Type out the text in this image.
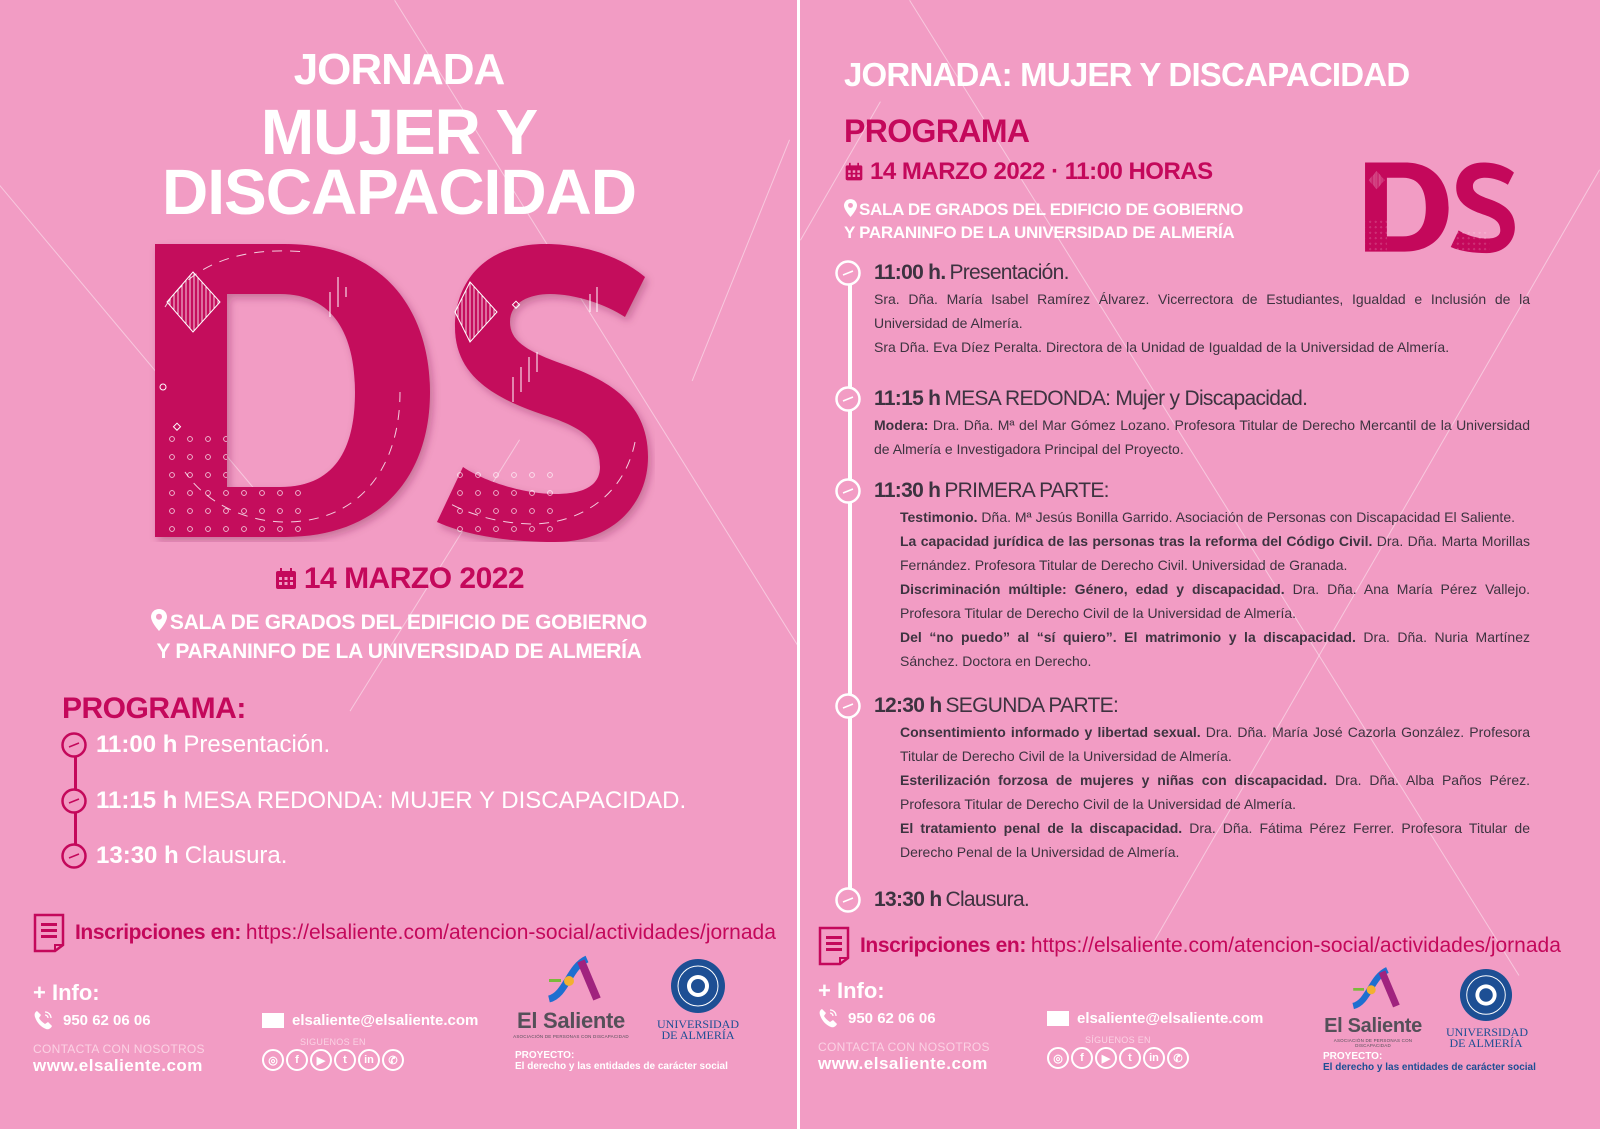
JORNADA
MUJER Y
DISCAPACIDAD
14 MARZO 2022
SALA DE GRADOS DEL EDIFICIO DE GOBIERNO
Y PARANINFO DE LA UNIVERSIDAD DE ALMERÍA
PROGRAMA:
11:00 h Presentación.
11:15 h MESA REDONDA: MUJER Y DISCAPACIDAD.
13:30 h Clausura.
Inscripciones en: https://elsaliente.com/atencion-social/actividades/jornada
+ Info:
950 62 06 06
CONTACTA CON NOSOTROS
www.elsaliente.com
elsaliente@elsaliente.com
SIGUENOS EN
◎	f	▶	t	in	✆
El Saliente
ASOCIACIÓN DE PERSONAS CON DISCAPACIDAD
UNIVERSIDAD
DE ALMERÍA
PROYECTO:
El derecho y las entidades de carácter social
JORNADA: MUJER Y DISCAPACIDAD
PROGRAMA
14 MARZO 2022 · 11:00 HORAS
SALA DE GRADOS DEL EDIFICIO DE GOBIERNO
Y PARANINFO DE LA UNIVERSIDAD DE ALMERÍA
11:00 h. Presentación.

Sra. Dña. María Isabel Ramírez Álvarez. Vicerrectora de Estudiantes, Igualdad e Inclusión de la Universidad de Almería.

Sra Dña. Eva Díez Peralta. Directora de la Unidad de Igualdad de la Universidad de Almería.

11:15 h MESA REDONDA: Mujer y Discapacidad.

Modera: Dra. Dña. Mª del Mar Gómez Lozano. Profesora Titular de Derecho Mercantil de la Universidad de Almería e Investigadora Principal del Proyecto.

11:30 h PRIMERA PARTE:

Testimonio. Dña. Mª Jesús Bonilla Garrido. Asociación de Personas con Discapacidad El Saliente.

La capacidad jurídica de las personas tras la reforma del Código Civil. Dra. Dña. Marta Morillas Fernández. Profesora Titular de Derecho Civil. Universidad de Granada.

Discriminación múltiple: Género, edad y discapacidad. Dra. Dña. Ana María Pérez Vallejo. Profesora Titular de Derecho Civil de la Universidad de Almería.

Del “no puedo” al “sí quiero”. El matrimonio y la discapacidad. Dra. Dña. Nuria Martínez Sánchez. Doctora en Derecho.

12:30 h SEGUNDA PARTE:

Consentimiento informado y libertad sexual. Dra. Dña. María José Cazorla González. Profesora Titular de Derecho Civil de la Universidad de Almería.

Esterilización forzosa de mujeres y niñas con discapacidad. Dra. Dña. Alba Paños Pérez. Profesora Titular de Derecho Civil de la Universidad de Almería.

El tratamiento penal de la discapacidad. Dra. Dña. Fátima Pérez Ferrer. Profesora Titular de Derecho Penal de la Universidad de Almería.

13:30 h Clausura.
Inscripciones en: https://elsaliente.com/atencion-social/actividades/jornada
+ Info:
950 62 06 06
CONTACTA CON NOSOTROS
www.elsaliente.com
elsaliente@elsaliente.com
SÍGUENOS EN
◎	f	▶	t	in	✆
El Saliente
ASOCIACIÓN DE PERSONAS CON DISCAPACIDAD
UNIVERSIDAD
DE ALMERÍA
PROYECTO:
El derecho y las entidades de carácter social
